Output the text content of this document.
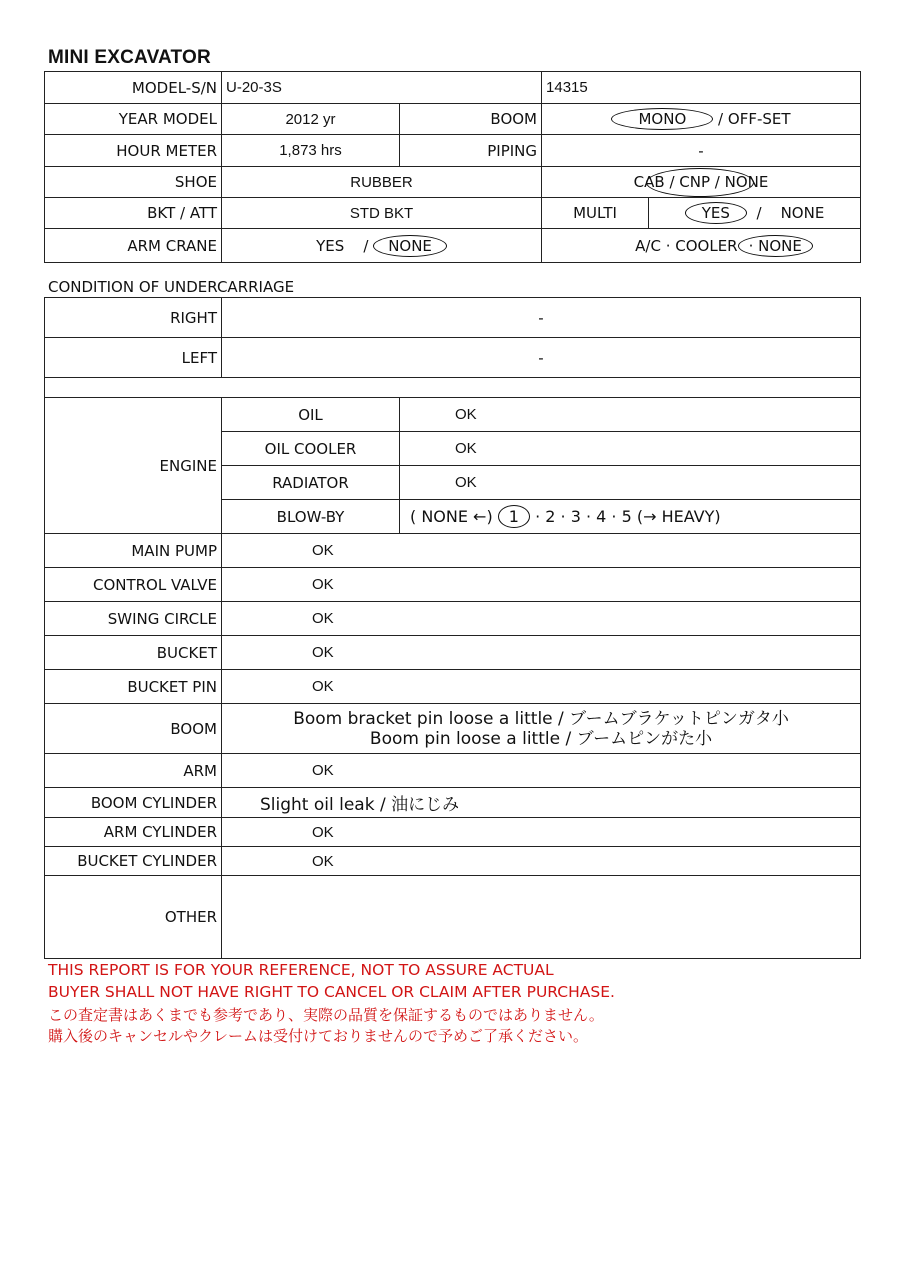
MINI EXCAVATOR
MODEL-S/N	U-20-3S		14315	
YEAR MODEL	2012 yr	BOOM	MONO / OFF-SET	
HOUR METER	1,873 hrs	PIPING	-	
SHOE	RUBBER		CAB / CNP / NONE	

BKT / ATT	STD BKT		MULTI	YES / NONE
ARM CRANE	YES / NONE		A/C · COOLER · NONE	
CONDITION OF UNDERCARRIAGE
RIGHT	-	
LEFT	-	

ENGINE	OIL	OK
	OIL COOLER	OK
	RADIATOR	OK
	BLOW-BY	( NONE ←) 1 · 2 · 3 · 4 · 5 (→ HEAVY)
MAIN PUMP	OK	
CONTROL VALVE	OK	
SWING CIRCLE	OK	
BUCKET	OK	
BUCKET PIN	OK	
BOOM	Boom bracket pin loose a little / ブームブラケットピンガタ小
Boom pin loose a little / ブームピンがた小	

ARM	OK	
BOOM CYLINDER	Slight oil leak / 油にじみ	
ARM CYLINDER	OK	
BUCKET CYLINDER	OK	
OTHER		
THIS REPORT IS FOR YOUR REFERENCE, NOT TO ASSURE ACTUAL
BUYER SHALL NOT HAVE RIGHT TO CANCEL OR CLAIM AFTER PURCHASE.
この査定書はあくまでも参考であり、実際の品質を保証するものではありません。
購入後のキャンセルやクレームは受付けておりませんので予めご了承ください。
